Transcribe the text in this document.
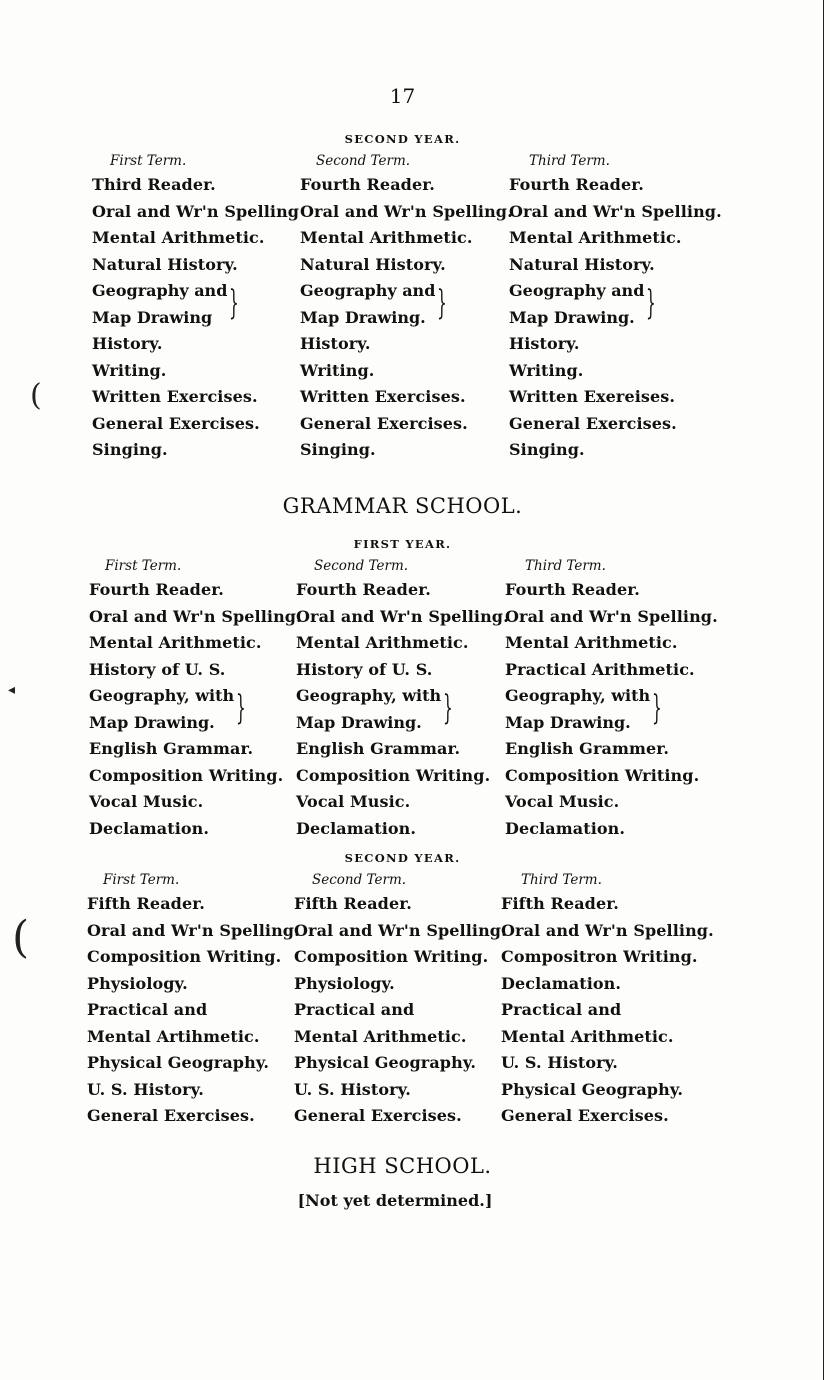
17
SECOND YEAR.
First Term.
Third Reader.
Oral and Wr'n Spelling
Mental Arithmetic.
Natural History.
Geography and
Map Drawing }
History.
Writing.
Written Exercises.
General Exercises.
Singing.
Second Term.
Fourth Reader.
Oral and Wr'n Spelling.
Mental Arithmetic.
Natural History.
Geography and
Map Drawing. }
History.
Writing.
Written Exercises.
General Exercises.
Singing.
Third Term.
Fourth Reader.
Oral and Wr'n Spelling.
Mental Arithmetic.
Natural History.
Geography and
Map Drawing. }
History.
Writing.
Written Exereises.
General Exercises.
Singing.
GRAMMAR SCHOOL.
FIRST YEAR.
First Term.
Fourth Reader.
Oral and Wr'n Spelling.
Mental Arithmetic.
History of U. S.
Geography, with
Map Drawing. }
English Grammar.
Composition Writing.
Vocal Music.
Declamation.
Second Term.
Fourth Reader.
Oral and Wr'n Spelling.
Mental Arithmetic.
History of U. S.
Geography, with
Map Drawing. }
English Grammar.
Composition Writing.
Vocal Music.
Declamation.
Third Term.
Fourth Reader.
Oral and Wr'n Spelling.
Mental Arithmetic.
Practical Arithmetic.
Geography, with
Map Drawing. }
English Grammer.
Composition Writing.
Vocal Music.
Declamation.
SECOND YEAR.
First Term.
Fifth Reader.
Oral and Wr'n Spelling.
Composition Writing.
Physiology.
Practical and
Mental Artihmetic.
Physical Geography.
U. S. History.
General Exercises.
Second Term.
Fifth Reader.
Oral and Wr'n Spelling.
Composition Writing.
Physiology.
Practical and
Mental Arithmetic.
Physical Geography.
U. S. History.
General Exercises.
Third Term.
Fifth Reader.
Oral and Wr'n Spelling.
Compositron Writing.
Declamation.
Practical and
Mental Arithmetic.
U. S. History.
Physical Geography.
General Exercises.
HIGH SCHOOL.
[Not yet determined.]
(
◂
(
